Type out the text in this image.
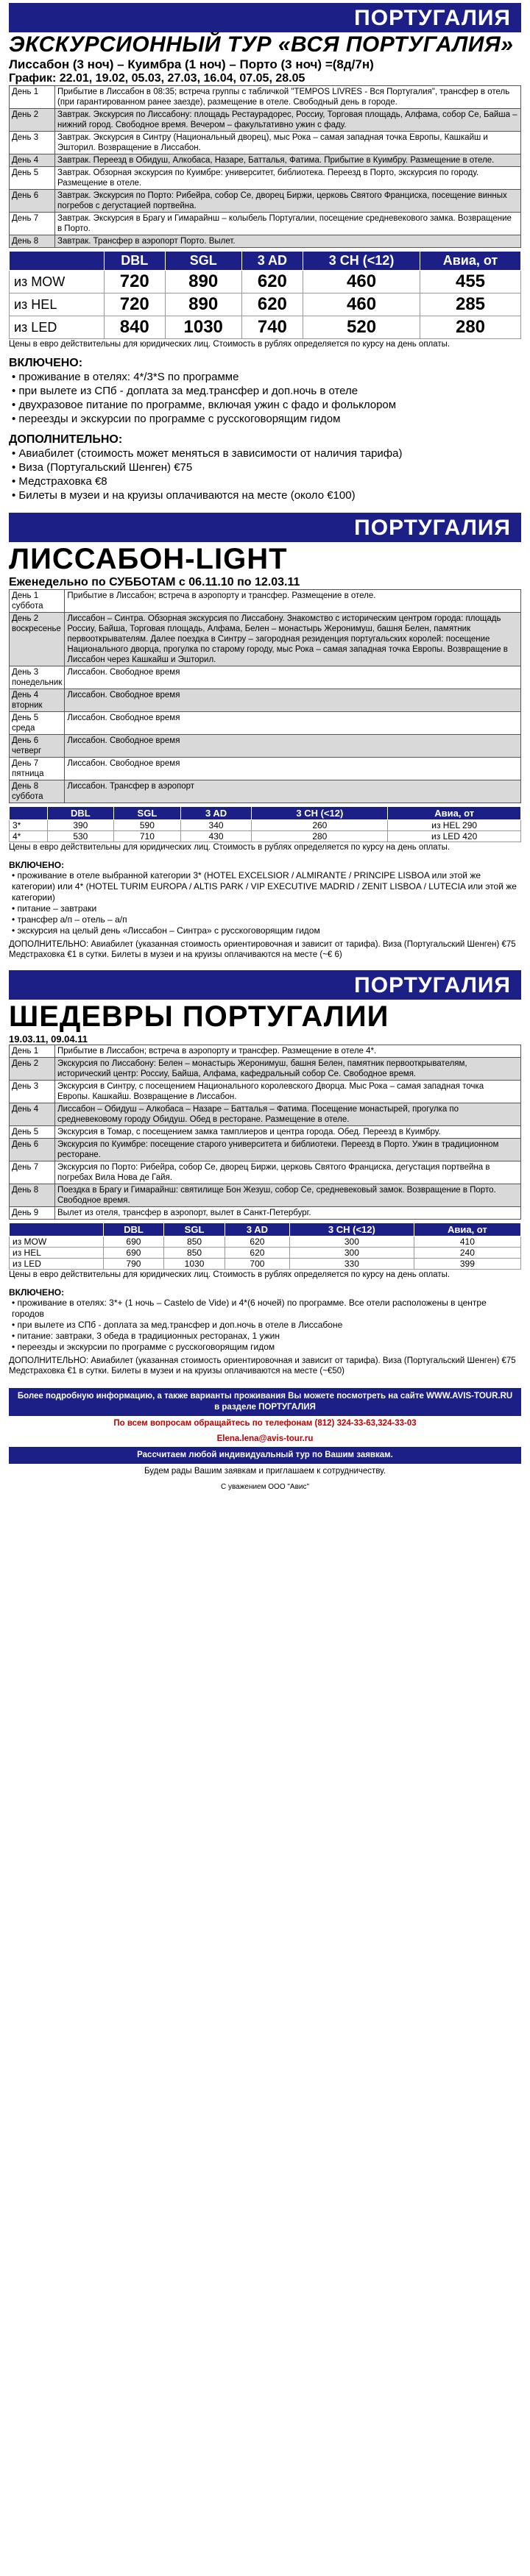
ПОРТУГАЛИЯ
ЭКСКУРСИОННЫЙ ТУР «ВСЯ ПОРТУГАЛИЯ»
Лиссабон (3 ноч) – Куимбра (1 ноч) – Порто (3 ноч) =(8д/7н)
График: 22.01, 19.02, 05.03, 27.03, 16.04, 07.05, 28.05
День 1	Прибытие в Лиссабон в 08:35; встреча группы с табличкой "TEMPOS LIVRES - Вся Португалия", трансфер в отель (при гарантированном ранее заезде), размещение в отеле. Свободный день в городе.
День 2	Завтрак. Экскурсия по Лиссабону: площадь Рестаурадорес, Россиу, Торговая площадь, Алфама, собор Се, Байша – нижний город. Свободное время. Вечером – факультативно ужин с фаду.
День 3	Завтрак. Экскурсия в Синтру (Национальный дворец), мыс Рока – самая западная точка Европы, Кашкайш и Эшторил. Возвращение в Лиссабон.
День 4	Завтрак. Переезд в Обидуш, Алкобаса, Назаре, Батталья, Фатима. Прибытие в Куимбру. Размещение в отеле.
День 5	Завтрак. Обзорная экскурсия по Куимбре: университет, библиотека. Переезд в Порто, экскурсия по городу. Размещение в отеле.
День 6	Завтрак. Экскурсия по Порто: Рибейра, собор Се, дворец Биржи, церковь Святого Франциска, посещение винных погребов с дегустацией портвейна.
День 7	Завтрак. Экскурсия в Брагу и Гимарайнш – колыбель Португалии, посещение средневекового замка. Возвращение в Порто.
День 8	Завтрак. Трансфер в аэропорт Порто. Вылет.
	DBL	SGL	3 AD	3 CH (<12)	Авиа, от
из MOW	720	890	620	460	455
из HEL	720	890	620	460	285
из LED	840	1030	740	520	280
Цены в евро действительны для юридических лиц. Стоимость в рублях определяется по курсу на день оплаты.
ВКЛЮЧЕНО:
• проживание в отелях: 4*/3*S по программе
• при вылете из СПб - доплата за мед.трансфер и доп.ночь в отеле
• двухразовое питание по программе, включая ужин с фадо и фольклором
• переезды и экскурсии по программе с русскоговорящим гидом
ДОПОЛНИТЕЛЬНО:
• Авиабилет (стоимость может меняться в зависимости от наличия тарифа)
• Виза (Португальский Шенген) €75
• Медстраховка €8
• Билеты в музеи и на круизы оплачиваются на месте (около €100)
ПОРТУГАЛИЯ
ЛИССАБОН-LIGHT
Еженедельно по СУББОТАМ с 06.11.10 по 12.03.11
День 1 суббота	Прибытие в Лиссабон; встреча в аэропорту и трансфер. Размещение в отеле.
День 2 воскресенье	Лиссабон – Синтра. Обзорная экскурсия по Лиссабону. Знакомство с историческим центром города: площадь Россиу, Байша, Торговая площадь, Алфама, Белен – монастырь Жеронимуш, башня Белен, памятник первооткрывателям. Далее поездка в Синтру – загородная резиденция португальских королей: посещение Национального дворца, прогулка по старому городу, мыс Рока – самая западная точка Европы. Возвращение в Лиссабон через Кашкайш и Эшторил.
День 3 понедельник	Лиссабон. Свободное время
День 4 вторник	Лиссабон. Свободное время
День 5 среда	Лиссабон. Свободное время
День 6 четверг	Лиссабон. Свободное время
День 7 пятница	Лиссабон. Свободное время
День 8 суббота	Лиссабон. Трансфер в аэропорт
	DBL	SGL	3 AD	3 CH (<12)	Авиа, от
3*	390	590	340	260	из HEL 290
4*	530	710	430	280	из LED 420
Цены в евро действительны для юридических лиц. Стоимость в рублях определяется по курсу на день оплаты.
ВКЛЮЧЕНО:
• проживание в отеле выбранной категории 3* (HOTEL EXCELSIOR / ALMIRANTE / PRINCIPE LISBOA или этой же категории) или 4* (HOTEL TURIM EUROPA / ALTIS PARK / VIP EXECUTIVE MADRID / ZENIT LISBOA / LUTECIA или этой же категории)
• питание – завтраки
• трансфер а/п – отель – а/п
• экскурсия на целый день «Лиссабон – Синтра» с русскоговорящим гидом
ДОПОЛНИТЕЛЬНО: Авиабилет (указанная стоимость ориентировочная и зависит от тарифа). Виза (Португальский Шенген) €75 Медстраховка €1 в сутки. Билеты в музеи и на круизы оплачиваются на месте (~€ 6)
ПОРТУГАЛИЯ
ШЕДЕВРЫ ПОРТУГАЛИИ
19.03.11, 09.04.11
День 1	Прибытие в Лиссабон; встреча в аэропорту и трансфер. Размещение в отеле 4*.
День 2	Экскурсия по Лиссабону: Белен – монастырь Жеронимуш, башня Белен, памятник первооткрывателям, исторический центр: Россиу, Байша, Алфама, кафедральный собор Се. Свободное время.
День 3	Экскурсия в Синтру, с посещением Национального королевского Дворца. Мыс Рока – самая западная точка Европы. Кашкайш. Возвращение в Лиссабон.
День 4	Лиссабон – Обидуш – Алкобаса – Назаре – Батталья – Фатима. Посещение монастырей, прогулка по средневековому городу Обидуш. Обед в ресторане. Размещение в отеле.
День 5	Экскурсия в Томар, с посещением замка тамплиеров и центра города. Обед. Переезд в Куимбру.
День 6	Экскурсия по Куимбре: посещение старого университета и библиотеки. Переезд в Порто. Ужин в традиционном ресторане.
День 7	Экскурсия по Порто: Рибейра, собор Се, дворец Биржи, церковь Святого Франциска, дегустация портвейна в погребах Вила Нова де Гайя.
День 8	Поездка в Брагу и Гимарайнш: святилище Бон Жезуш, собор Се, средневековый замок. Возвращение в Порто. Свободное время.
День 9	Вылет из отеля, трансфер в аэропорт, вылет в Санкт-Петербург.
	DBL	SGL	3 AD	3 CH (<12)	Авиа, от
из MOW	690	850	620	300	410
из HEL	690	850	620	300	240
из LED	790	1030	700	330	399
Цены в евро действительны для юридических лиц. Стоимость в рублях определяется по курсу на день оплаты.
ВКЛЮЧЕНО:
• проживание в отелях: 3*+ (1 ночь – Castelo de Vide) и 4*(6 ночей) по программе. Все отели расположены в центре городов
• при вылете из СПб - доплата за мед.трансфер и доп.ночь в отеле в Лиссабоне
• питание: завтраки, 3 обеда в традиционных ресторанах, 1 ужин
• переезды и экскурсии по программе с русскоговорящим гидом
ДОПОЛНИТЕЛЬНО: Авиабилет (указанная стоимость ориентировочная и зависит от тарифа). Виза (Португальский Шенген) €75 Медстраховка €1 в сутки. Билеты в музеи и на круизы оплачиваются на месте (~€50)
Более подробную информацию, а также варианты проживания Вы можете посмотреть на сайте WWW.AVIS-TOUR.RU в разделе ПОРТУГАЛИЯ
По всем вопросам обращайтесь по телефонам (812) 324-33-63,324-33-03
Elena.lena@avis-tour.ru
Рассчитаем любой индивидуальный тур по Вашим заявкам.
Будем рады Вашим заявкам и приглашаем к сотрудничеству.
С уважением ООО "Авис"
